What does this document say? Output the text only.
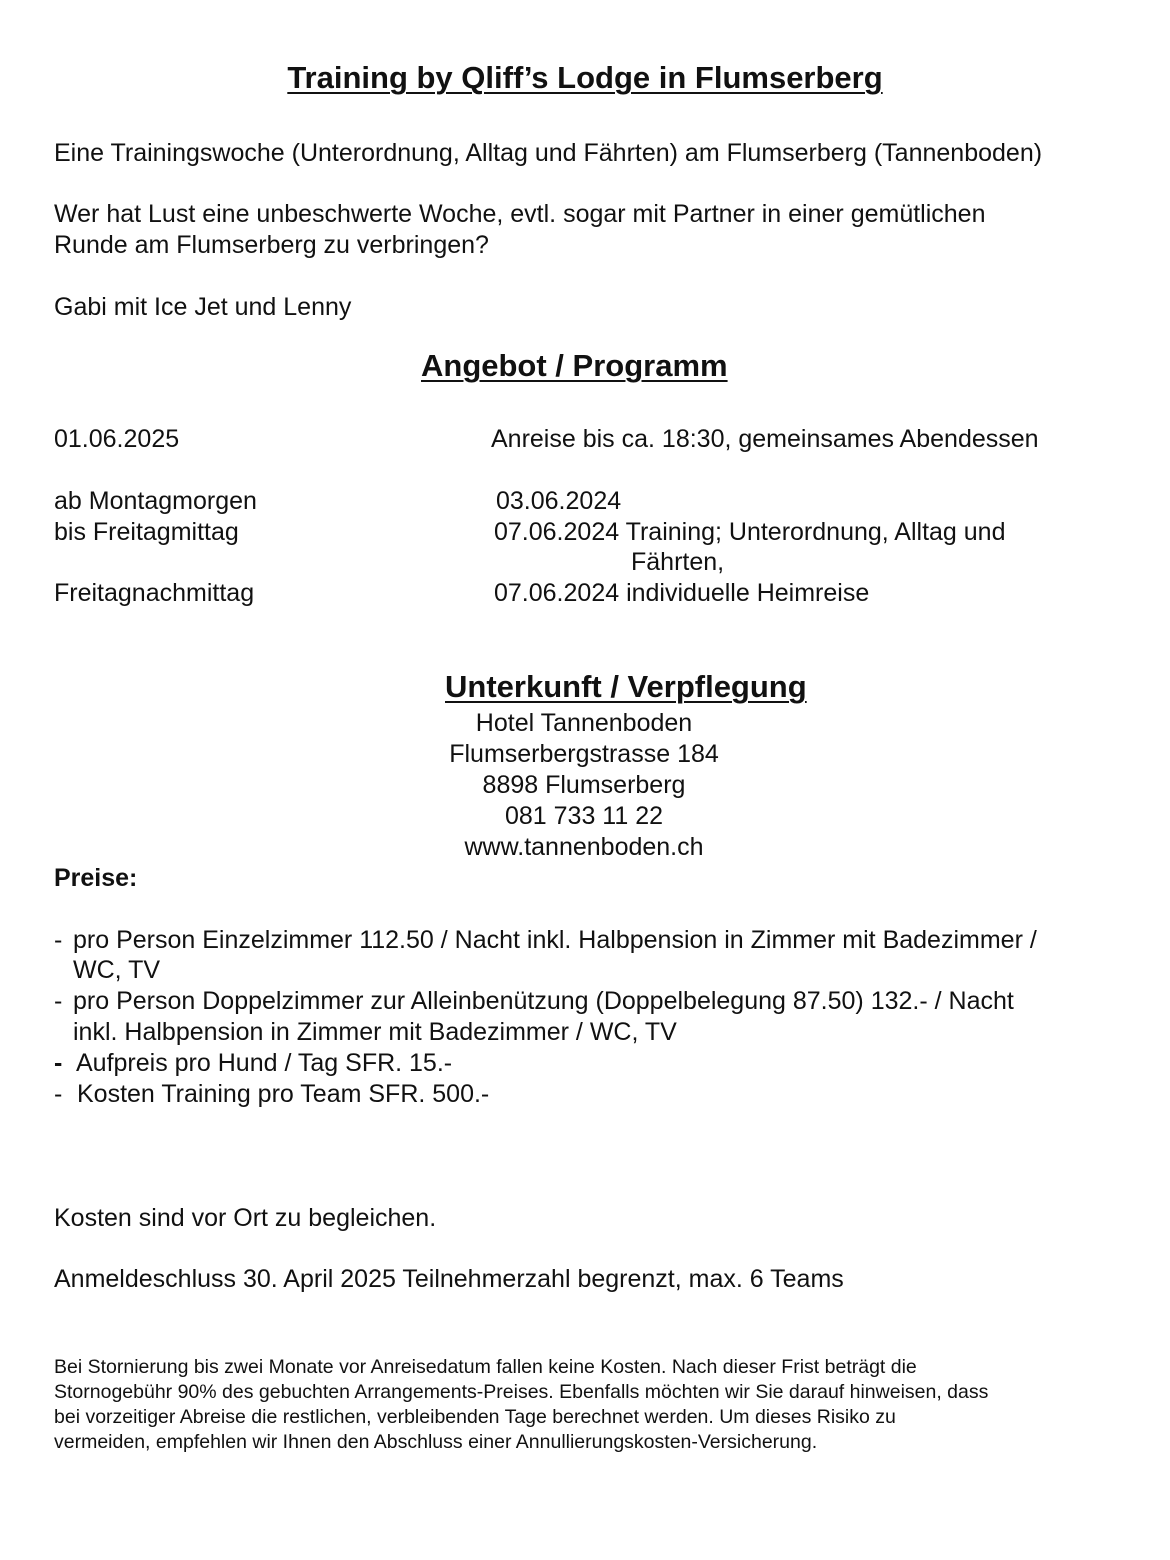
Training by Qliff’s Lodge in Flumserberg
Eine Trainingswoche (Unterordnung, Alltag und Fährten) am Flumserberg (Tannenboden)
Wer hat Lust eine unbeschwerte Woche, evtl. sogar mit Partner in einer gemütlichen
Runde am Flumserberg zu verbringen?
Gabi mit Ice Jet und Lenny
Angebot / Programm
01.06.2025	Anreise bis ca. 18:30, gemeinsames Abendessen
ab Montagmorgen	03.06.2024
bis Freitagmittag	07.06.2024 Training; Unterordnung, Alltag und
Fährten,
Freitagnachmittag	07.06.2024 individuelle Heimreise
Unterkunft / Verpflegung
Hotel Tannenboden
Flumserbergstrasse 184
8898 Flumserberg
081 733 11 22
www.tannenboden.ch
Preise:
- pro Person Einzelzimmer 112.50 / Nacht inkl. Halbpension in Zimmer mit Badezimmer /
WC, TV
- pro Person Doppelzimmer zur Alleinbenützung (Doppelbelegung 87.50) 132.- / Nacht
inkl. Halbpension in Zimmer mit Badezimmer / WC, TV
- Aufpreis pro Hund / Tag SFR. 15.-
- Kosten Training pro Team SFR. 500.-
Kosten sind vor Ort zu begleichen.
Anmeldeschluss 30. April 2025 Teilnehmerzahl begrenzt, max. 6 Teams
Bei Stornierung bis zwei Monate vor Anreisedatum fallen keine Kosten. Nach dieser Frist beträgt die
Stornogebühr 90% des gebuchten Arrangements-Preises. Ebenfalls möchten wir Sie darauf hinweisen, dass
bei vorzeitiger Abreise die restlichen, verbleibenden Tage berechnet werden. Um dieses Risiko zu
vermeiden, empfehlen wir Ihnen den Abschluss einer Annullierungskosten-Versicherung.
